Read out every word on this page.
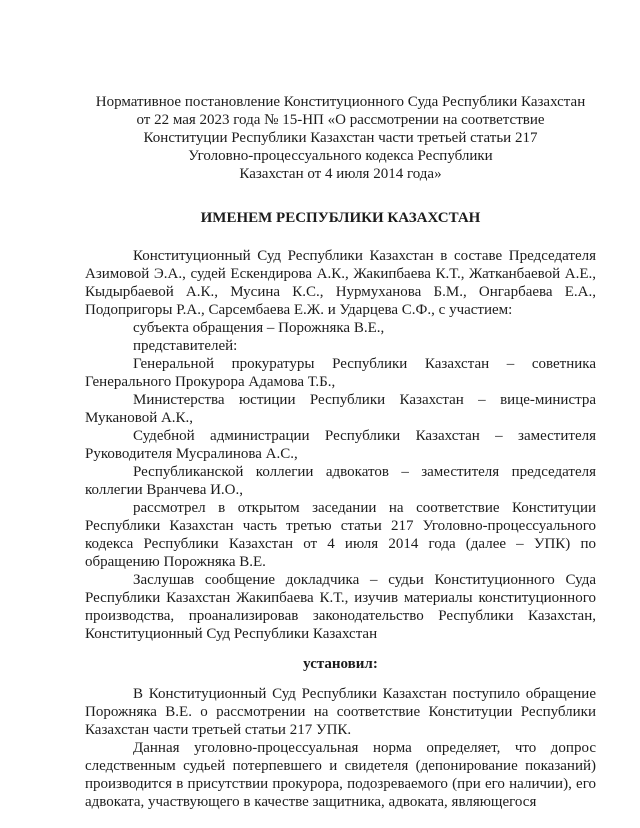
Нормативное постановление Конституционного Суда Республики Казахстан
от 22 мая 2023 года № 15-НП «О рассмотрении на соответствие
Конституции Республики Казахстан части третьей статьи 217
Уголовно-процессуального кодекса Республики
Казахстан от 4 июля 2014 года»
ИМЕНЕМ РЕСПУБЛИКИ КАЗАХСТАН

Конституционный Суд Республики Казахстан в составе Председателя Азимовой Э.А., судей Ескендирова А.К., Жакипбаева К.Т., Жатканбаевой А.Е., Кыдырбаевой А.К., Мусина К.С., Нурмуханова Б.М., Онгарбаева Е.А., Подопригоры Р.А., Сарсембаева Е.Ж. и Ударцева С.Ф., с участием:

субъекта обращения – Порожняка В.Е.,

представителей:

Генеральной прокуратуры Республики Казахстан – советника Генерального Прокурора Адамова Т.Б.,

Министерства юстиции Республики Казахстан – вице-министра Мукановой А.К.,

Судебной администрации Республики Казахстан – заместителя Руководителя Мусралинова А.С.,

Республиканской коллегии адвокатов – заместителя председателя коллегии Вранчева И.О.,

рассмотрел в открытом заседании на соответствие Конституции Республики Казахстан часть третью статьи 217 Уголовно-процессуального кодекса Республики Казахстан от 4 июля 2014 года (далее – УПК) по обращению Порожняка В.Е.

Заслушав сообщение докладчика – судьи Конституционного Суда Республики Казахстан Жакипбаева К.Т., изучив материалы конституционного производства, проанализировав законодательство Республики Казахстан, Конституционный Суд Республики Казахстан

установил:

В Конституционный Суд Республики Казахстан поступило обращение Порожняка В.Е. о рассмотрении на соответствие Конституции Республики Казахстан части третьей статьи 217 УПК.

Данная уголовно-процессуальная норма определяет, что допрос следственным судьей потерпевшего и свидетеля (депонирование показаний) производится в присутствии прокурора, подозреваемого (при его наличии), его адвоката, участвующего в качестве защитника, адвоката, являющегося
